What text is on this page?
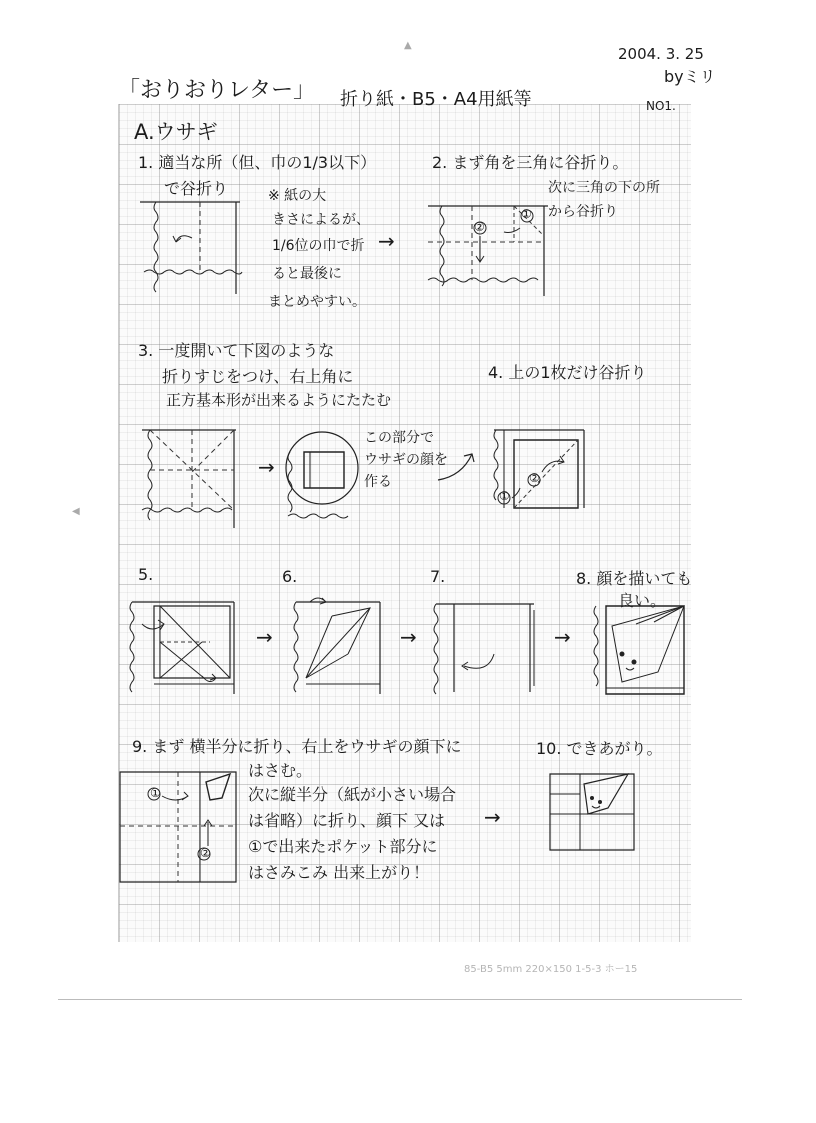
2004. 3. 25
byミリ
NO1.
「おりおりレター」 折り紙・B5・A4用紙等
A.ウサギ
1. 適当な所（但、巾の1/3以下）
で谷折り	※ 紙の大
きさによるが、
1/6位の巾で折
ると最後に
まとめやすい。
→
2. まず角を三角に谷折り。
次に三角の下の所
から谷折り
①
②
3. 一度開いて下図のような
折りすじをつけ、右上角に
正方基本形が出来るようにたたむ
→
この部分で
ウサギの顔を
作る
4. 上の1枚だけ谷折り
①
②
5.
→
6.
→
7.
→
8. 顔を描いても
良い。
9. まず 横半分に折り、右上をウサギの顔下に
はさむ。
次に縦半分（紙が小さい場合
は省略）に折り、顔下 又は
①で出来たポケット部分に
はさみこみ 出来上がり！
①
②
→
10. できあがり。
85-B5 5mm 220×150 1-5-3 ホー15
▲
◀
